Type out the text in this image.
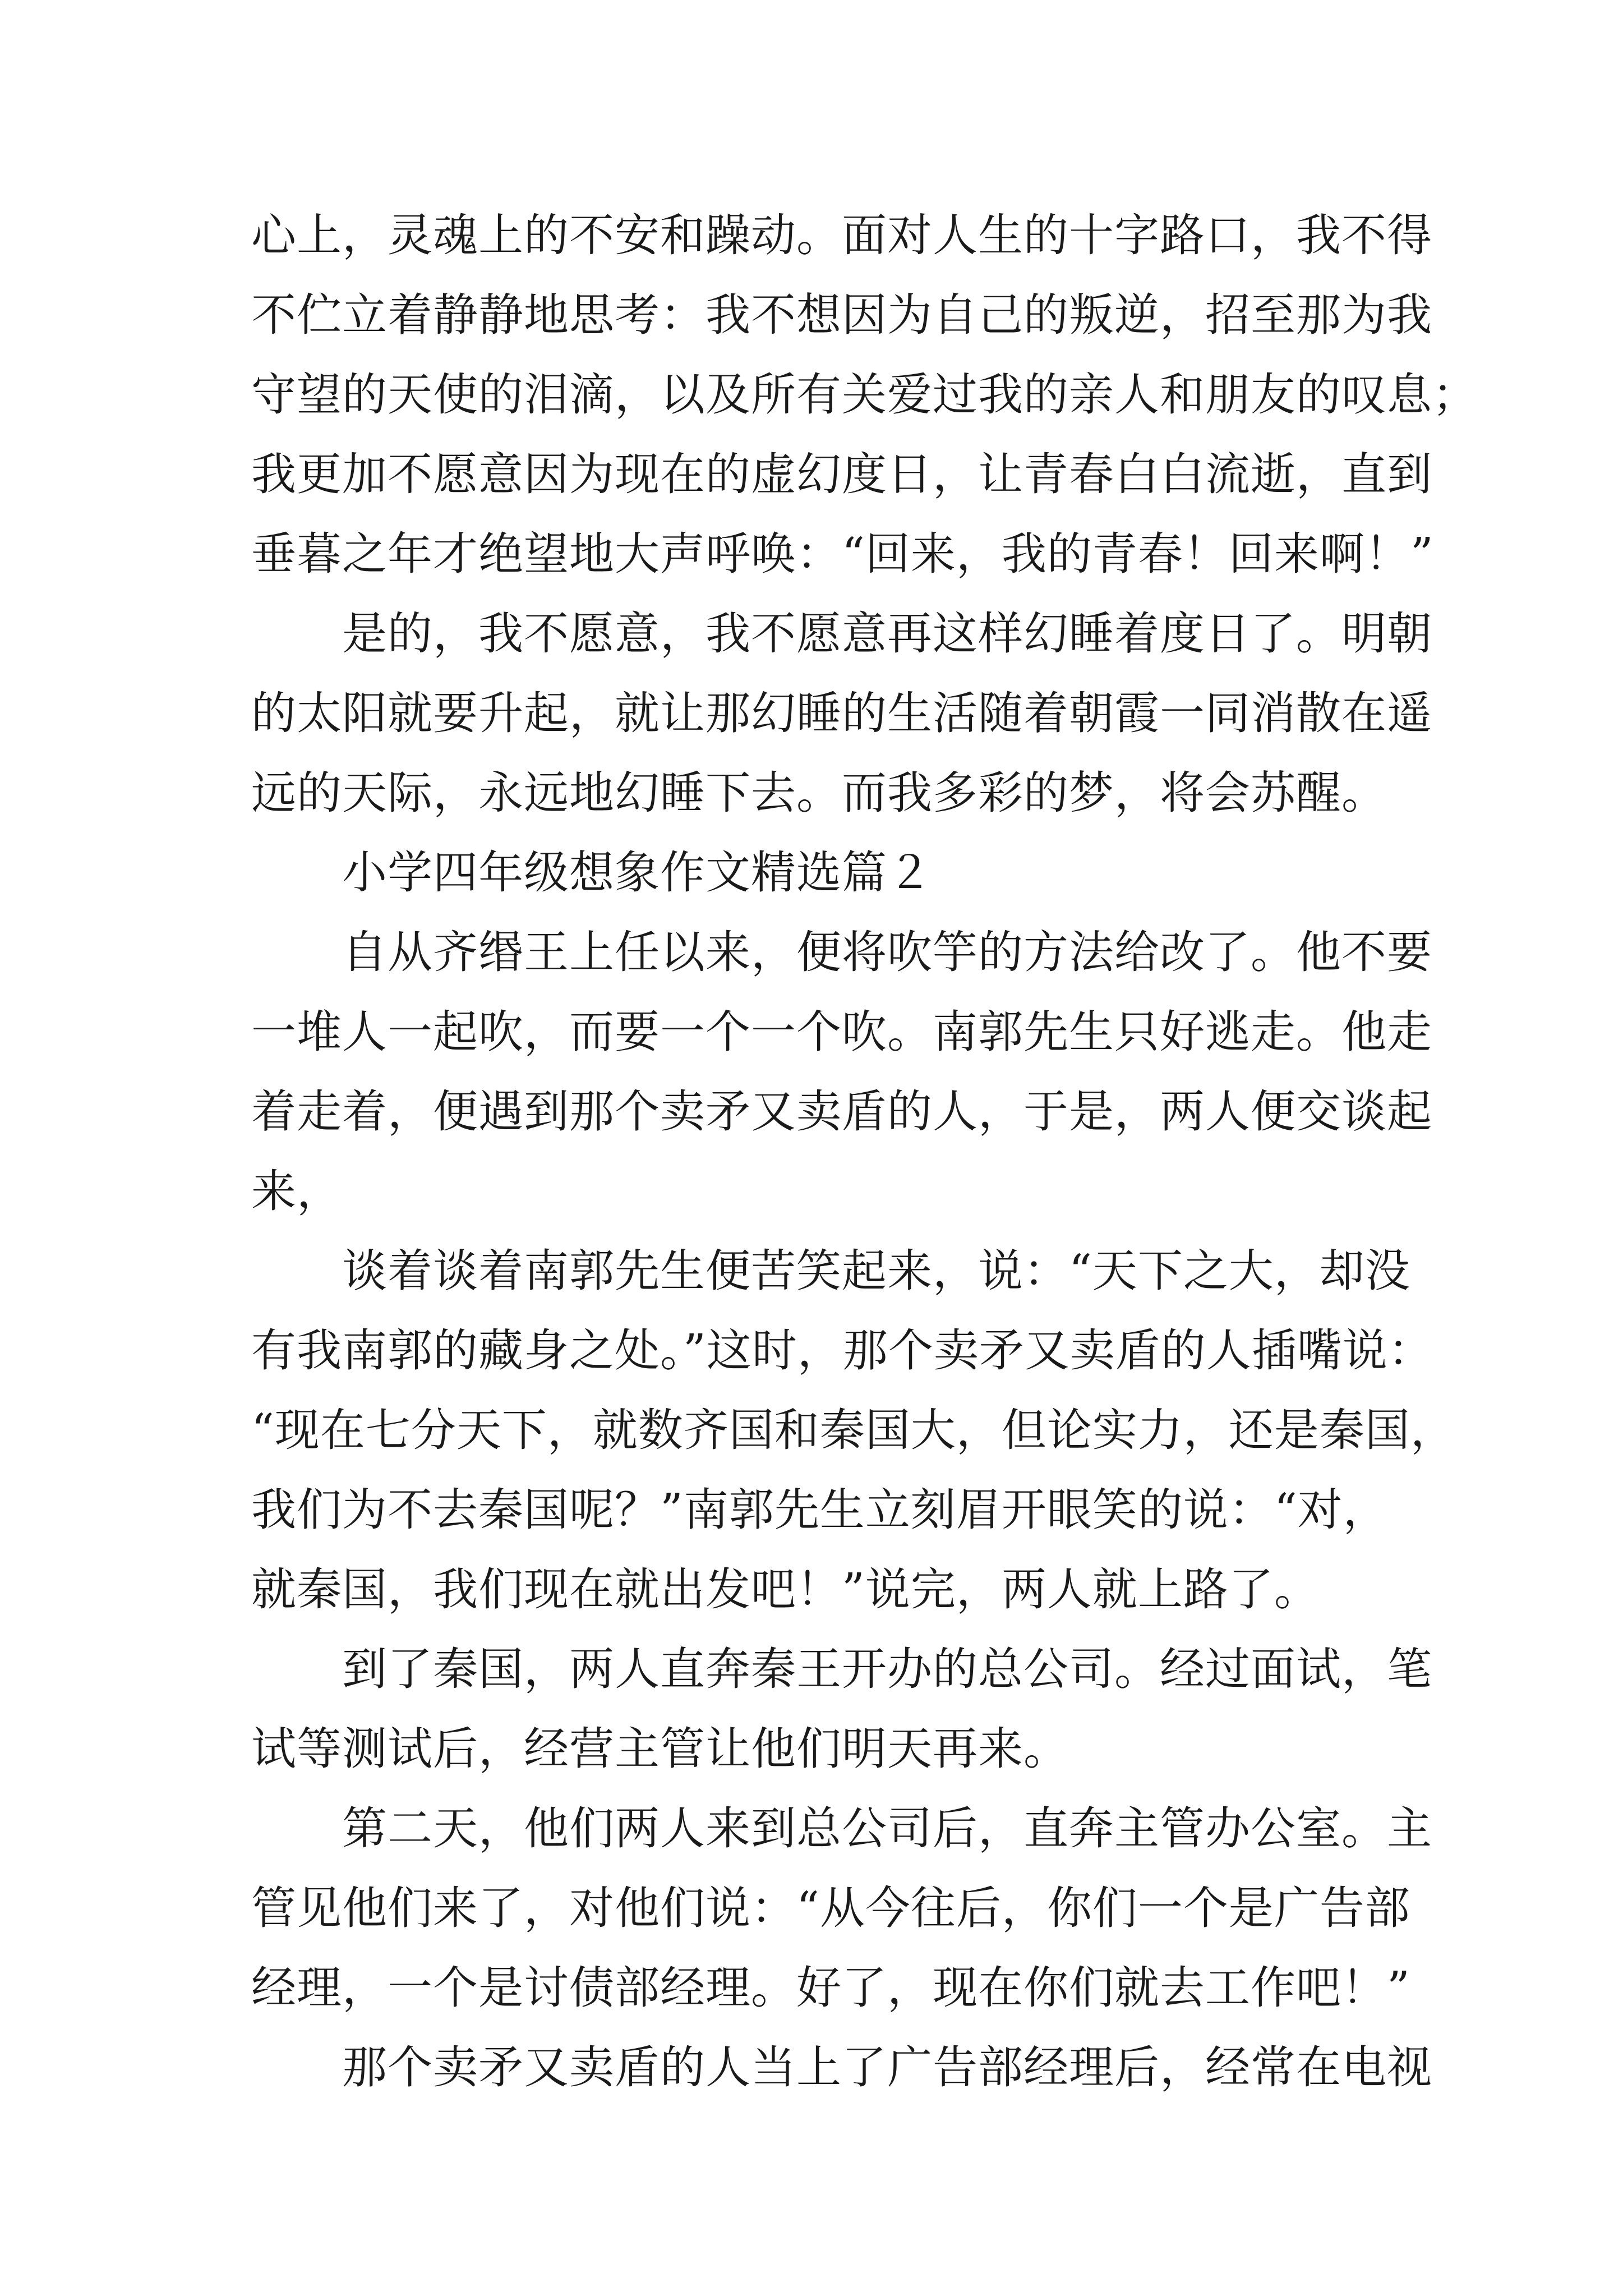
心上，灵魂上的不安和躁动。面对人生的十字路口，我不得
不伫立着静静地思考：我不想因为自己的叛逆，招至那为我
守望的天使的泪滴，以及所有关爱过我的亲人和朋友的叹息；
我更加不愿意因为现在的虚幻度日，让青春白白流逝，直到
垂暮之年才绝望地大声呼唤：“回来，我的青春！回来啊！”
是的，我不愿意，我不愿意再这样幻睡着度日了。明朝
的太阳就要升起，就让那幻睡的生活随着朝霞一同消散在遥
远的天际，永远地幻睡下去。而我多彩的梦，将会苏醒。
小学四年级想象作文精选篇２
自从齐缗王上任以来，便将吹竽的方法给改了。他不要
一堆人一起吹，而要一个一个吹。南郭先生只好逃走。他走
着走着，便遇到那个卖矛又卖盾的人，于是，两人便交谈起
来，
谈着谈着南郭先生便苦笑起来，说：“天下之大，却没
有我南郭的藏身之处。”这时，那个卖矛又卖盾的人插嘴说：
“现在七分天下，就数齐国和秦国大，但论实力，还是秦国，
我们为不去秦国呢？”南郭先生立刻眉开眼笑的说：“对，
就秦国，我们现在就出发吧！”说完，两人就上路了。
到了秦国，两人直奔秦王开办的总公司。经过面试，笔
试等测试后，经营主管让他们明天再来。
第二天，他们两人来到总公司后，直奔主管办公室。主
管见他们来了，对他们说：“从今往后，你们一个是广告部
经理，一个是讨债部经理。好了，现在你们就去工作吧！”
那个卖矛又卖盾的人当上了广告部经理后，经常在电视
